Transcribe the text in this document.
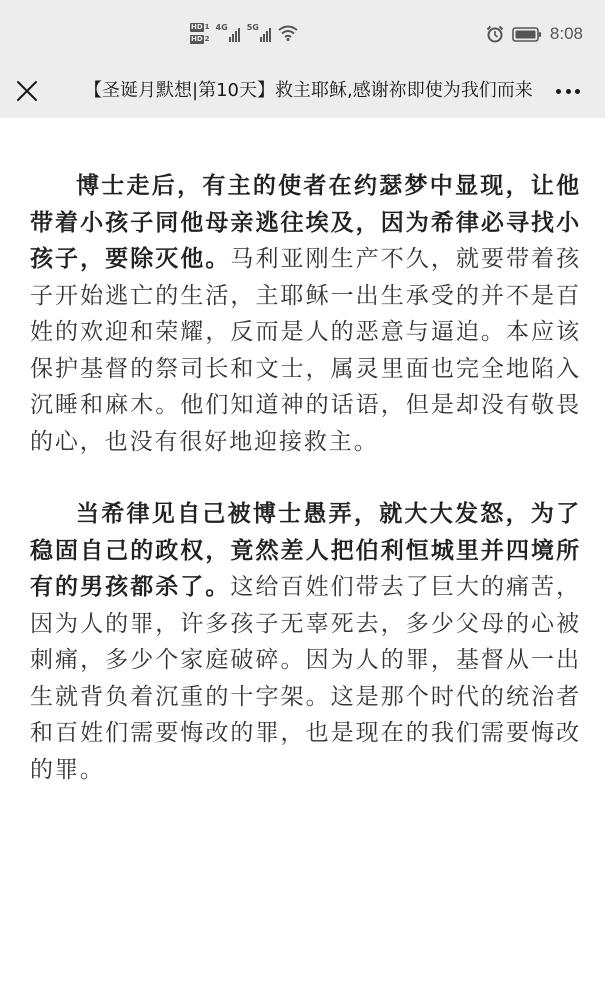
HD 1
HD 2
4G 5G	8:08
【圣诞月默想|第10天】救主耶稣,感谢祢即使为我们而来

博士走后，有主的使者在约瑟梦中显现，让他带着小孩子同他母亲逃往埃及，因为希律必寻找小孩子，要除灭他。马利亚刚生产不久，就要带着孩子开始逃亡的生活，主耶稣一出生承受的并不是百姓的欢迎和荣耀，反而是人的恶意与逼迫。本应该保护基督的祭司长和文士，属灵里面也完全地陷入沉睡和麻木。他们知道神的话语，但是却没有敬畏的心，也没有很好地迎接救主。

当希律见自己被博士愚弄，就大大发怒，为了稳固自己的政权，竟然差人把伯利恒城里并四境所有的男孩都杀了。这给百姓们带去了巨大的痛苦，因为人的罪，许多孩子无辜死去，多少父母的心被刺痛，多少个家庭破碎。因为人的罪，基督从一出生就背负着沉重的十字架。这是那个时代的统治者和百姓们需要悔改的罪，也是现在的我们需要悔改的罪。
